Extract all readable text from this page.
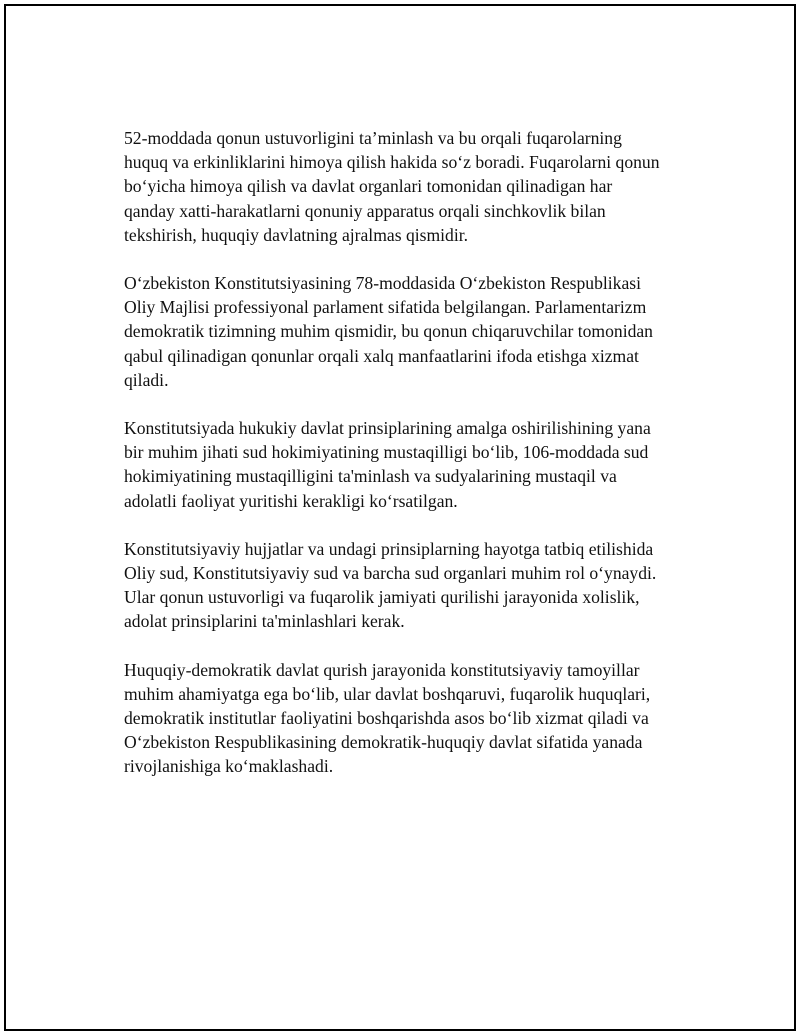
52-moddada qonun ustuvorligini taʼminlash va bu orqali fuqarolarning
huquq va erkinliklarini himoya qilish hakida soʻz boradi. Fuqarolarni qonun
boʻyicha himoya qilish va davlat organlari tomonidan qilinadigan har
qanday xatti-harakatlarni qonuniy apparatus orqali sinchkovlik bilan
tekshirish, huquqiy davlatning ajralmas qismidir.

Oʻzbekiston Konstitutsiyasining 78-moddasida Oʻzbekiston Respublikasi
Oliy Majlisi professiyonal parlament sifatida belgilangan. Parlamentarizm
demokratik tizimning muhim qismidir, bu qonun chiqaruvchilar tomonidan
qabul qilinadigan qonunlar orqali xalq manfaatlarini ifoda etishga xizmat
qiladi.

Konstitutsiyada hukukiy davlat prinsiplarining amalga oshirilishining yana
bir muhim jihati sud hokimiyatining mustaqilligi boʻlib, 106-moddada sud
hokimiyatining mustaqilligini ta'minlash va sudyalarining mustaqil va
adolatli faoliyat yuritishi kerakligi koʻrsatilgan.

Konstitutsiyaviy hujjatlar va undagi prinsiplarning hayotga tatbiq etilishida
Oliy sud, Konstitutsiyaviy sud va barcha sud organlari muhim rol oʻynaydi.
Ular qonun ustuvorligi va fuqarolik jamiyati qurilishi jarayonida xolislik,
adolat prinsiplarini ta'minlashlari kerak.

Huquqiy-demokratik davlat qurish jarayonida konstitutsiyaviy tamoyillar
muhim ahamiyatga ega boʻlib, ular davlat boshqaruvi, fuqarolik huquqlari,
demokratik institutlar faoliyatini boshqarishda asos boʻlib xizmat qiladi va
Oʻzbekiston Respublikasining demokratik-huquqiy davlat sifatida yanada
rivojlanishiga koʻmaklashadi.
